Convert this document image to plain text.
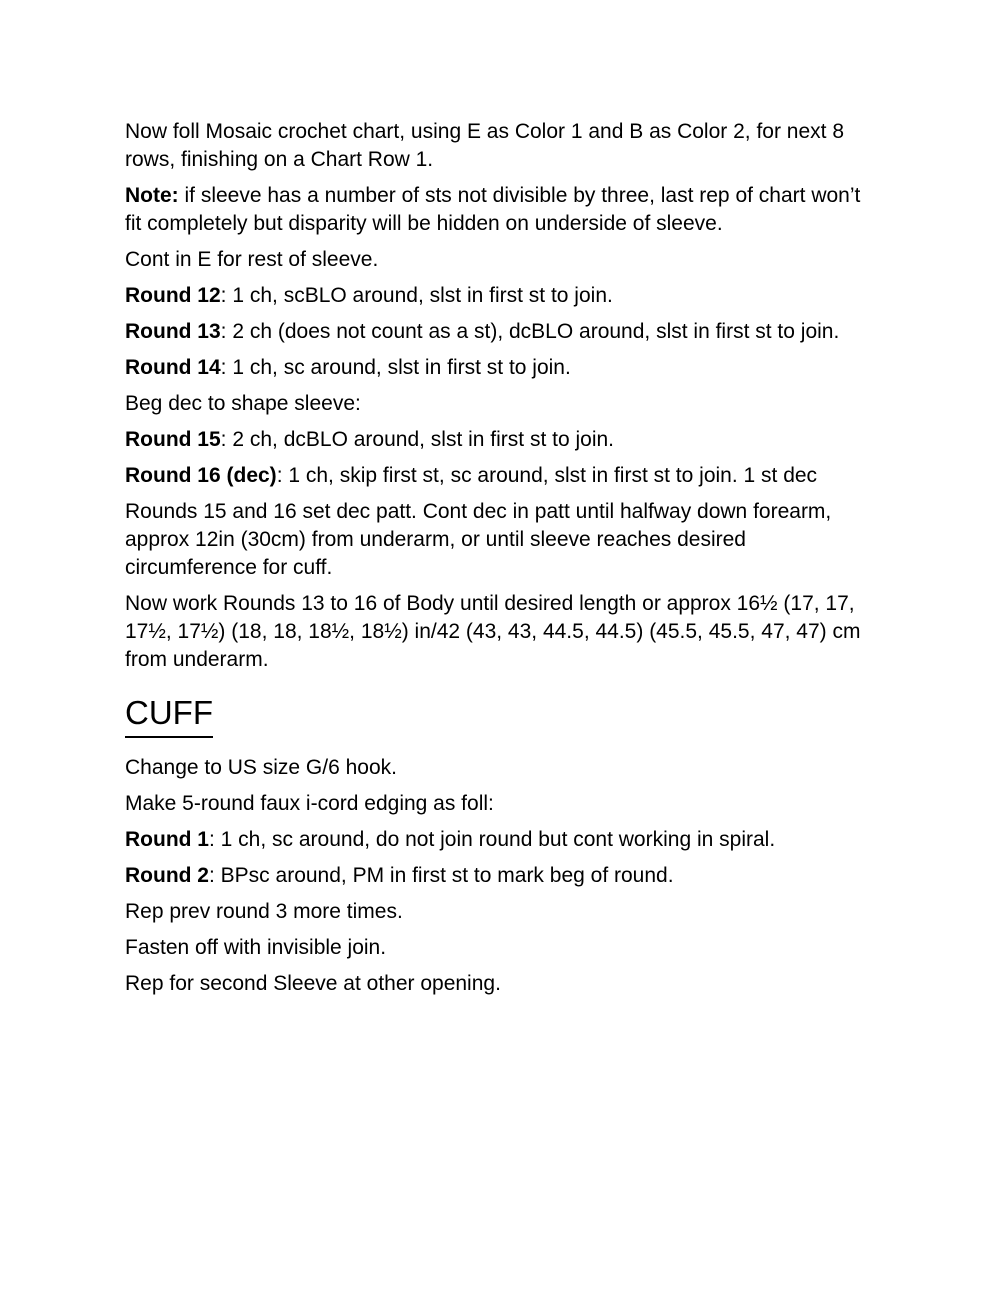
Now foll Mosaic crochet chart, using E as Color 1 and B as Color 2, for next 8 rows, finishing on a Chart Row 1.

Note: if sleeve has a number of sts not divisible by three, last rep of chart won’t fit completely but disparity will be hidden on underside of sleeve.

Cont in E for rest of sleeve.

Round 12: 1 ch, scBLO around, slst in first st to join.

Round 13: 2 ch (does not count as a st), dcBLO around, slst in first st to join.

Round 14: 1 ch, sc around, slst in first st to join.

Beg dec to shape sleeve:

Round 15: 2 ch, dcBLO around, slst in first st to join.

Round 16 (dec): 1 ch, skip first st, sc around, slst in first st to join. 1 st dec

Rounds 15 and 16 set dec patt. Cont dec in patt until halfway down forearm, approx 12in (30cm) from underarm, or until sleeve reaches desired circumference for cuff.

Now work Rounds 13 to 16 of Body until desired length or approx 16½ (17, 17, 17½, 17½) (18, 18, 18½, 18½) in/42 (43, 43, 44.5, 44.5) (45.5, 45.5, 47, 47) cm from underarm.

CUFF

Change to US size G/6 hook.

Make 5-round faux i-cord edging as foll:

Round 1: 1 ch, sc around, do not join round but cont working in spiral.

Round 2: BPsc around, PM in first st to mark beg of round.

Rep prev round 3 more times.

Fasten off with invisible join.

Rep for second Sleeve at other opening.
